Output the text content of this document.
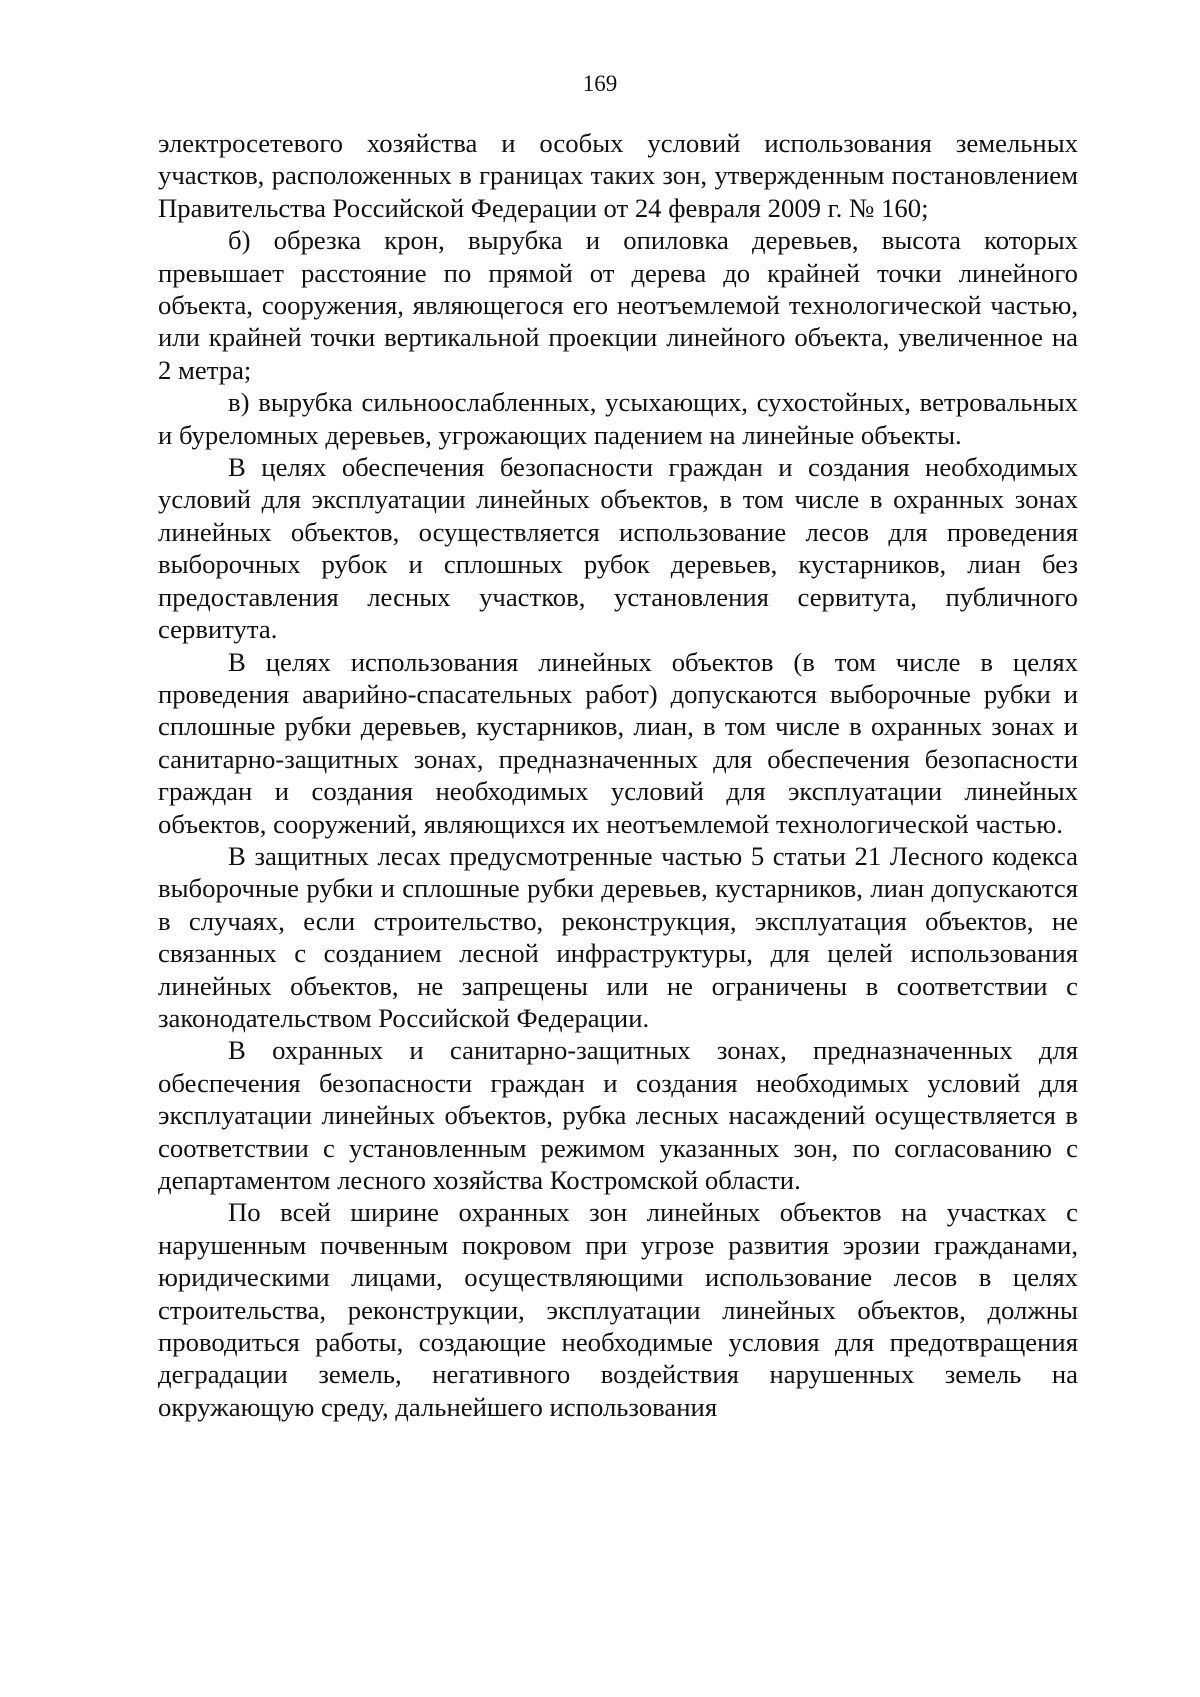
169

электросетевого хозяйства и особых условий использования земельных участков, расположенных в границах таких зон, утвержденным постановлением Правительства Российской Федерации от 24 февраля 2009 г. № 160;

б) обрезка крон, вырубка и опиловка деревьев, высота которых превышает расстояние по прямой от дерева до крайней точки линейного объекта, сооружения, являющегося его неотъемлемой технологической частью, или крайней точки вертикальной проекции линейного объекта, увеличенное на 2 метра;

в) вырубка сильноослабленных, усыхающих, сухостойных, ветровальных и буреломных деревьев, угрожающих падением на линейные объекты.

В целях обеспечения безопасности граждан и создания необходимых условий для эксплуатации линейных объектов, в том числе в охранных зонах линейных объектов, осуществляется использование лесов для проведения выборочных рубок и сплошных рубок деревьев, кустарников, лиан без предоставления лесных участков, установления сервитута, публичного сервитута.

В целях использования линейных объектов (в том числе в целях проведения аварийно-спасательных работ) допускаются выборочные рубки и сплошные рубки деревьев, кустарников, лиан, в том числе в охранных зонах и санитарно-защитных зонах, предназначенных для обеспечения безопасности граждан и создания необходимых условий для эксплуатации линейных объектов, сооружений, являющихся их неотъемлемой технологической частью.

В защитных лесах предусмотренные частью 5 статьи 21 Лесного кодекса выборочные рубки и сплошные рубки деревьев, кустарников, лиан допускаются в случаях, если строительство, реконструкция, эксплуатация объектов, не связанных с созданием лесной инфраструктуры, для целей использования линейных объектов, не запрещены или не ограничены в соответствии с законодательством Российской Федерации.

В охранных и санитарно-защитных зонах, предназначенных для обеспечения безопасности граждан и создания необходимых условий для эксплуатации линейных объектов, рубка лесных насаждений осуществляется в соответствии с установленным режимом указанных зон, по согласованию с департаментом лесного хозяйства Костромской области.

По всей ширине охранных зон линейных объектов на участках с нарушенным почвенным покровом при угрозе развития эрозии гражданами, юридическими лицами, осуществляющими использование лесов в целях строительства, реконструкции, эксплуатации линейных объектов, должны проводиться работы, создающие необходимые условия для предотвращения деградации земель, негативного воздействия нарушенных земель на окружающую среду, дальнейшего использования
